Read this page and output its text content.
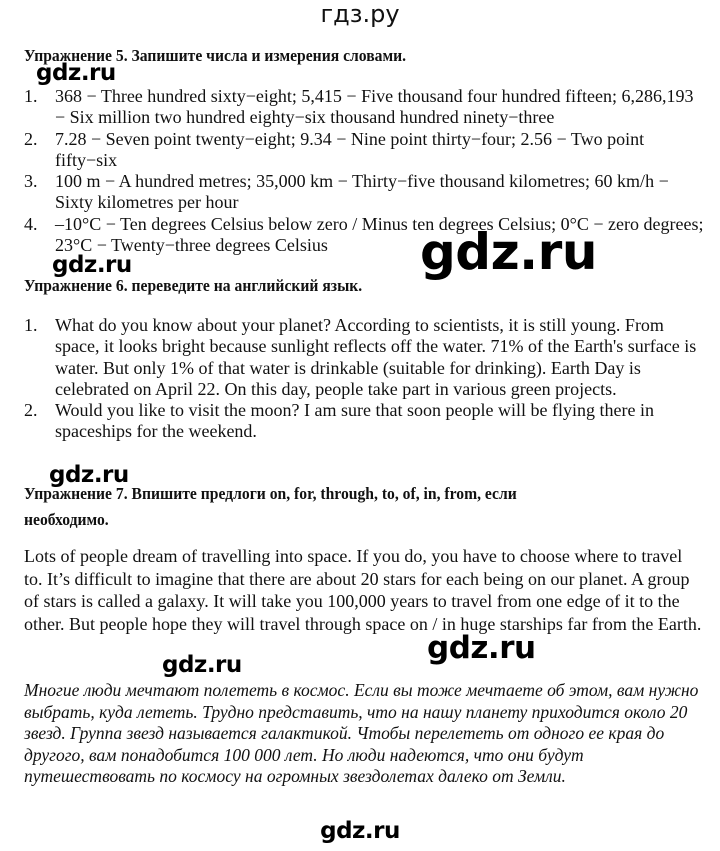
гдз.ру
Упражнение 5. Запишите числа и измерения словами.
gdz.ru
1. 368 − Three hundred sixty−eight; 5,415 − Five thousand four hundred fifteen; 6,286,193 − Six million two hundred eighty−six thousand hundred ninety−three
2. 7.28 − Seven point twenty−eight; 9.34 − Nine point thirty−four; 2.56 − Two point fifty−six
3. 100 m − A hundred metres; 35,000 km − Thirty−five thousand kilometres; 60 km/h − Sixty kilometres per hour
4. –10°C − Ten degrees Celsius below zero / Minus ten degrees Celsius; 0°C − zero degrees; 23°C − Twenty−three degrees Celsius
gdz.ru	gdz.ru
Упражнение 6. переведите на английский язык.
1. What do you know about your planet? According to scientists, it is still young. From space, it looks bright because sunlight reflects off the water. 71% of the Earth's surface is water. But only 1% of that water is drinkable (suitable for drinking). Earth Day is celebrated on April 22. On this day, people take part in various green projects.
2. Would you like to visit the moon? I am sure that soon people will be flying there in spaceships for the weekend.
gdz.ru
Упражнение 7. Впишите предлоги on, for, through, to, of, in, from, если
необходимо.
Lots of people dream of travelling into space. If you do, you have to choose where to travel to. It’s difficult to imagine that there are about 20 stars for each being on our planet. A group of stars is called a galaxy. It will take you 100,000 years to travel from one edge of it to the other. But people hope they will travel through space on / in huge starships far from the Earth.
gdz.ru
gdz.ru
Многие люди мечтают полететь в космос. Если вы тоже мечтаете об этом, вам нужно выбрать, куда лететь. Трудно представить, что на нашу планету приходится около 20 звезд. Группа звезд называется галактикой. Чтобы перелететь от одного ее края до другого, вам понадобится 100 000 лет. Но люди надеются, что они будут путешествовать по космосу на огромных звездолетах далеко от Земли.
gdz.ru
